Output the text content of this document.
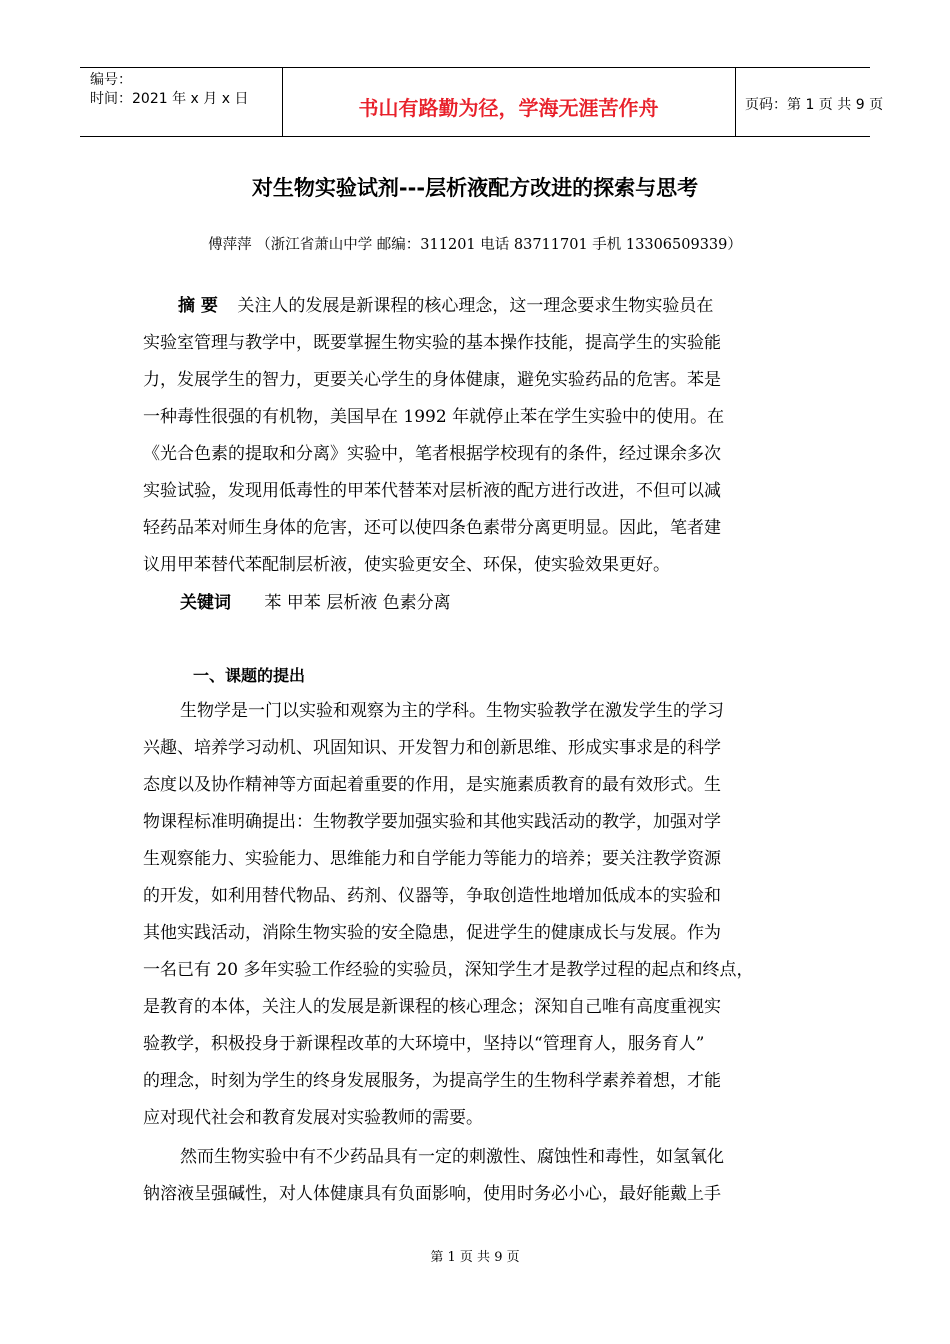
编号：
时间：2021 年 x 月 x 日	书山有路勤为径，学海无涯苦作舟	页码：第 1 页 共 9 页
对生物实验试剂---层析液配方改进的探索与思考
傅萍萍 （浙江省萧山中学 邮编：311201 电话 83711701 手机 13306509339）
摘 要 关注人的发展是新课程的核心理念，这一理念要求生物实验员在
实验室管理与教学中，既要掌握生物实验的基本操作技能，提高学生的实验能
力，发展学生的智力，更要关心学生的身体健康，避免实验药品的危害。苯是
一种毒性很强的有机物，美国早在 1992 年就停止苯在学生实验中的使用。在
《光合色素的提取和分离》实验中，笔者根据学校现有的条件，经过课余多次
实验试验，发现用低毒性的甲苯代替苯对层析液的配方进行改进，不但可以减
轻药品苯对师生身体的危害，还可以使四条色素带分离更明显。因此，笔者建
议用甲苯替代苯配制层析液，使实验更安全、环保，使实验效果更好。
关键词 苯 甲苯 层析液 色素分离
一、课题的提出
生物学是一门以实验和观察为主的学科。生物实验教学在激发学生的学习
兴趣、培养学习动机、巩固知识、开发智力和创新思维、形成实事求是的科学
态度以及协作精神等方面起着重要的作用，是实施素质教育的最有效形式。生
物课程标准明确提出：生物教学要加强实验和其他实践活动的教学，加强对学
生观察能力、实验能力、思维能力和自学能力等能力的培养；要关注教学资源
的开发，如利用替代物品、药剂、仪器等，争取创造性地增加低成本的实验和
其他实践活动，消除生物实验的安全隐患，促进学生的健康成长与发展。作为
一名已有 20 多年实验工作经验的实验员，深知学生才是教学过程的起点和终点，
是教育的本体，关注人的发展是新课程的核心理念；深知自己唯有高度重视实
验教学，积极投身于新课程改革的大环境中，坚持以“管理育人，服务育人”
的理念，时刻为学生的终身发展服务，为提高学生的生物科学素养着想，才能
应对现代社会和教育发展对实验教师的需要。
然而生物实验中有不少药品具有一定的刺激性、腐蚀性和毒性，如氢氧化
钠溶液呈强碱性，对人体健康具有负面影响，使用时务必小心，最好能戴上手
第 1 页 共 9 页
